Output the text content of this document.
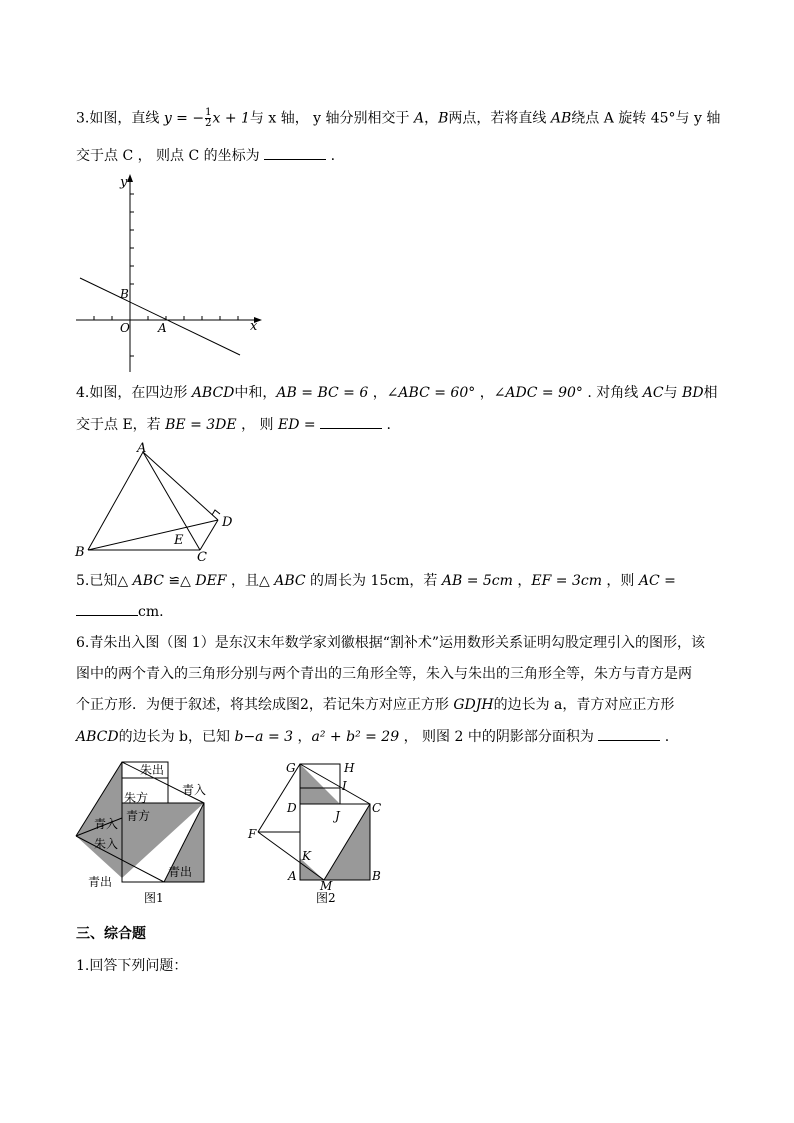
3.如图，直线 y = − $\frac{1}{2}$ x + 1与 x 轴， y 轴分别相交于 A，B两点，若将直线 AB绕点 A 旋转 45°与 y 轴
交于点 C ， 则点 C 的坐标为	.
y
x
B
O A
4.如图，在四边形 ABCD中和，AB = BC = 6 ，∠ABC = 60° ，∠ADC = 90° . 对角线 AC与 BD相
交于点 E，若 BE = 3DE ， 则 ED =	.
A
B	C
D
E
5.已知△ ABC ≌△ DEF ，且△ ABC 的周长为 15cm，若 AB = 5cm ，EF = 3cm ，则 AC =
cm.
6.青朱出入图（图 1）是东汉末年数学家刘徽根据“割补术”运用数形关系证明勾股定理引入的图形，该
图中的两个青入的三角形分别与两个青出的三角形全等，朱入与朱出的三角形全等，朱方与青方是两
个正方形．为便于叙述，将其绘成图2，若记朱方对应正方形 GDJH的边长为 a，青方对应正方形
ABCD的边长为 b，已知 b−a = 3 ，a² + b² = 29 ， 则图 2 中的阴影部分面积为	.
朱出
青入
朱方
青方
青入
朱入
青出
青出
图1
G	H
I
D
J
C
F
K
A
M
B
图2
三、综合题
1.回答下列问题：
